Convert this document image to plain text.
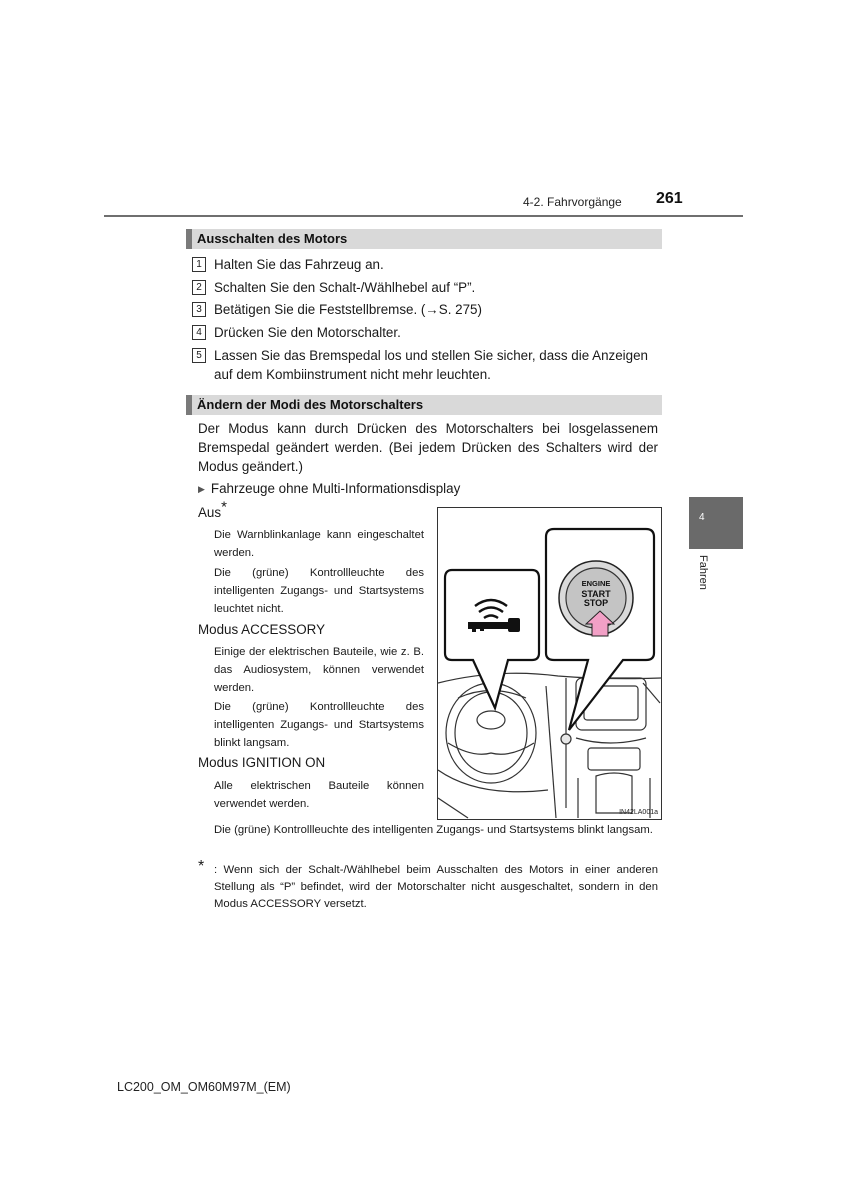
4-2. Fahrvorgänge 261
Ausschalten des Motors
1 Halten Sie das Fahrzeug an.
2 Schalten Sie den Schalt-/Wählhebel auf “P”.
3 Betätigen Sie die Feststellbremse. (→S. 275)
4 Drücken Sie den Motorschalter.
5 Lassen Sie das Bremspedal los und stellen Sie sicher, dass die Anzeigen auf dem Kombiinstrument nicht mehr leuchten.
Ändern der Modi des Motorschalters
Der Modus kann durch Drücken des Motorschalters bei losgelassenem Bremspedal geändert werden. (Bei jedem Drücken des Schalters wird der Modus geändert.)
▶ Fahrzeuge ohne Multi-Informationsdisplay
Aus*
Die Warnblinkanlage kann eingeschaltet werden.
Die (grüne) Kontrollleuchte des intelligenten Zugangs- und Startsystems leuchtet nicht.
Modus ACCESSORY
Einige der elektrischen Bauteile, wie z. B. das Audiosystem, können verwendet werden.
Die (grüne) Kontrollleuchte des intelligenten Zugangs- und Startsystems blinkt langsam.
Modus IGNITION ON
Alle elektrischen Bauteile können verwendet werden.
Die (grüne) Kontrollleuchte des intelligenten Zugangs- und Startsystems blinkt langsam.
* : Wenn sich der Schalt-/Wählhebel beim Ausschalten des Motors in einer anderen Stellung als “P” befindet, wird der Motorschalter nicht ausgeschaltet, sondern in den Modus ACCESSORY versetzt.
ENGINE
START
STOP
IN42LA001a
4
Fahren
LC200_OM_OM60M97M_(EM)
